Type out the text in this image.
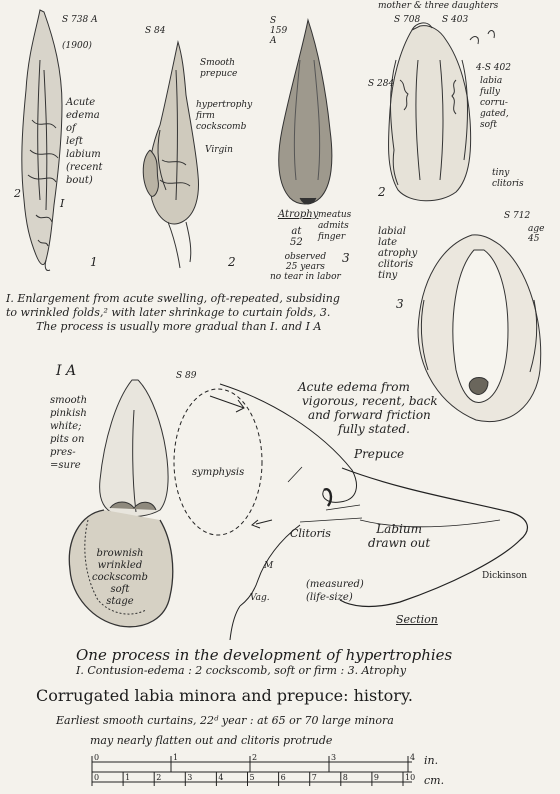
0	1	2	3	4
0	1	2	3	4	5	6	7	8	9	10
S 738 A
(1900)
Acute
edema
of
left
labium
(recent
bout)
2
I
1
S 84
Smooth
prepuce
hypertrophy
firm
cockscomb
Virgin
2
S
159
A
Atrophy
at
52
meatus
admits
finger
observed
25 years
no tear in labor
3
mother & three daughters
S 708 S 403
S 284
4-S 402
labia
fully
corru-
gated,
soft
tiny
clitoris
2
S 712
age
45
labial
late
atrophy
clitoris
tiny
3
I. Enlargement from acute swelling, oft-repeated, subsiding
to wrinkled folds,² with later shrinkage to curtain folds, 3.
The process is usually more gradual than I. and I A
I A	S 89
smooth
pinkish
white;
pits on
pres-
=sure
brownish
wrinkled
cockscomb
soft
stage
Acute edema from
vigorous, recent, back
and forward friction
fully stated.
symphysis
Prepuce
Clitoris	Labium
drawn out
M
Vag.
(measured)
(life-size)
Dickinson
Section
One process in the development of hypertrophies
I. Contusion-edema : 2 cockscomb, soft or firm : 3. Atrophy
Corrugated labia minora and prepuce: history.
Earliest smooth curtains, 22ᵈ year : at 65 or 70 large minora
may nearly flatten out and clitoris protrude
in.
cm.
